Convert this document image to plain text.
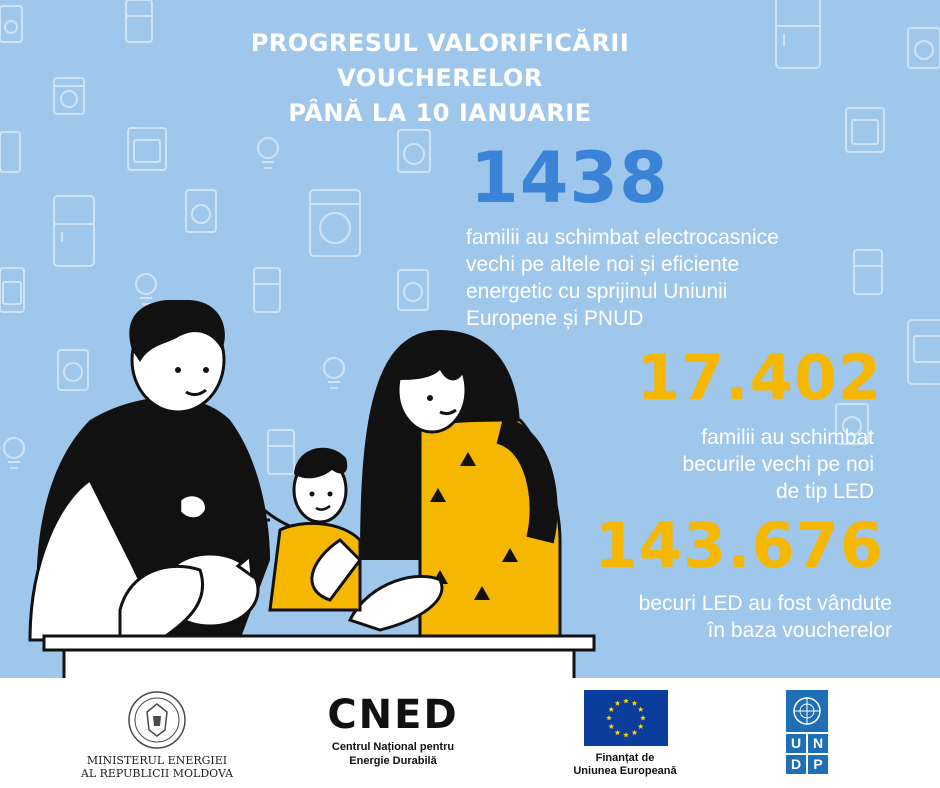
PROGRESUL VALORIFICĂRII
VOUCHERELOR
PÂNĂ LA 10 IANUARIE
1438
familii au schimbat electrocasnice
vechi pe altele noi și eficiente
energetic cu sprijinul Uniunii
Europene și PNUD
17.402
familii au schimbat
becurile vechi pe noi
de tip LED
143.676
becuri LED au fost vândute
în baza voucherelor
MINISTERUL ENERGIEI
AL REPUBLICII MOLDOVA
CNED
Centrul Național pentru
Energie Durabilă	Finanțat de
Uniunea Europeană
U N
D P
